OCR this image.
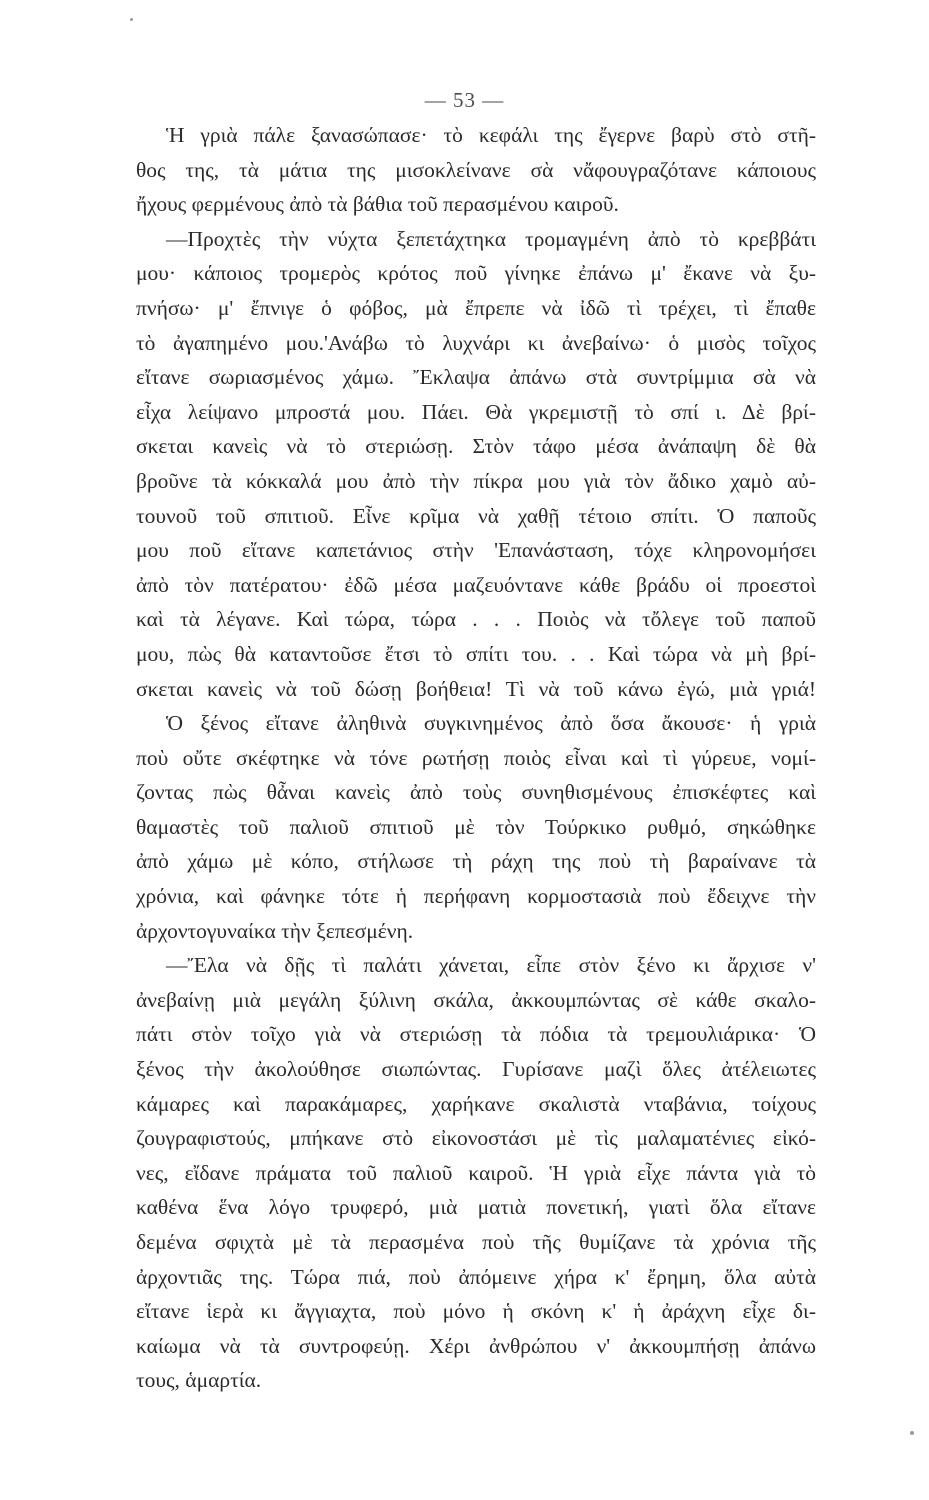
— 53 —
Ἡ γριὰ πάλε ξανασώπασε· τὸ κεφάλι της ἔγερνε βαρὺ στὸ στῆ-
θος της, τὰ μάτια της μισοκλείνανε σὰ νἄφουγραζότανε κάποιους
ἤχους φερμένους ἀπὸ τὰ βάθια τοῦ περασμένου καιροῦ.
—Προχτὲς τὴν νύχτα ξεπετάχτηκα τρομαγμένη ἀπὸ τὸ κρεββάτι
μου· κάποιος τρομερὸς κρότος ποῦ γίνηκε ἐπάνω μ' ἔκανε νὰ ξυ-
πνήσω· μ' ἔπνιγε ὁ φόβος, μὰ ἔπρεπε νὰ ἰδῶ τὶ τρέχει, τὶ ἔπαθε
τὸ ἀγαπημένο μου.'Ανάβω τὸ λυχνάρι κι ἀνεβαίνω· ὁ μισὸς τοῖχος
εἴτανε σωριασμένος χάμω. Ἔκλαψα ἀπάνω στὰ συντρίμμια σὰ νὰ
εἶχα λείψανο μπροστά μου. Πάει. Θὰ γκρεμιστῇ τὸ σπί ι. Δὲ βρί-
σκεται κανεὶς νὰ τὸ στεριώσῃ. Στὸν τάφο μέσα ἀνάπαψη δὲ θὰ
βροῦνε τὰ κόκκαλά μου ἀπὸ τὴν πίκρα μου γιὰ τὸν ἄδικο χαμὸ αὐ-
τουνοῦ τοῦ σπιτιοῦ. Εἶνε κρῖμα νὰ χαθῇ τέτοιο σπίτι. Ὁ παποῦς
μου ποῦ εἴτανε καπετάνιος στὴν 'Επανάσταση, τόχε κληρονομήσει
ἀπὸ τὸν πατέρατου· ἐδῶ μέσα μαζευόντανε κάθε βράδυ οἱ προεστοὶ
καὶ τὰ λέγανε. Καὶ τώρα, τώρα . . . Ποιὸς νὰ τὄλεγε τοῦ παποῦ
μου, πὼς θὰ καταντοῦσε ἔτσι τὸ σπίτι του. . . Καὶ τώρα νὰ μὴ βρί-
σκεται κανεὶς νὰ τοῦ δώσῃ βοήθεια! Τὶ νὰ τοῦ κάνω ἐγώ, μιὰ γριά!
Ὁ ξένος εἴτανε ἀληθινὰ συγκινημένος ἀπὸ ὅσα ἄκουσε· ἡ γριὰ
ποὺ οὔτε σκέφτηκε νὰ τόνε ρωτήσῃ ποιὸς εἶναι καὶ τὶ γύρευε, νομί-
ζοντας πὼς θἆναι κανεὶς ἀπὸ τοὺς συνηθισμένους ἐπισκέφτες καὶ
θαμαστὲς τοῦ παλιοῦ σπιτιοῦ μὲ τὸν Τούρκικο ρυθμό, σηκώθηκε
ἀπὸ χάμω μὲ κόπο, στήλωσε τὴ ράχη της ποὺ τὴ βαραίνανε τὰ
χρόνια, καὶ φάνηκε τότε ἡ περήφανη κορμοστασιὰ ποὺ ἔδειχνε τὴν
ἀρχοντογυναίκα τὴν ξεπεσμένη.
—Ἔλα νὰ δῇς τὶ παλάτι χάνεται, εἶπε στὸν ξένο κι ἄρχισε ν'
ἀνεβαίνῃ μιὰ μεγάλη ξύλινη σκάλα, ἀκκουμπώντας σὲ κάθε σκαλο-
πάτι στὸν τοῖχο γιὰ νὰ στεριώσῃ τὰ πόδια τὰ τρεμουλιάρικα· Ὁ
ξένος τὴν ἀκολούθησε σιωπώντας. Γυρίσανε μαζὶ ὅλες ἀτέλειωτες
κάμαρες καὶ παρακάμαρες, χαρήκανε σκαλιστὰ νταβάνια, τοίχους
ζουγραφιστούς, μπήκανε στὸ εἰκονοστάσι μὲ τὶς μαλαματένιες εἰκό-
νες, εἴδανε πράματα τοῦ παλιοῦ καιροῦ. Ἡ γριὰ εἶχε πάντα γιὰ τὸ
καθένα ἕνα λόγο τρυφερό, μιὰ ματιὰ πονετική, γιατὶ ὅλα εἴτανε
δεμένα σφιχτὰ μὲ τὰ περασμένα ποὺ τῆς θυμίζανε τὰ χρόνια τῆς
ἀρχοντιᾶς της. Τώρα πιά, ποὺ ἀπόμεινε χήρα κ' ἔρημη, ὅλα αὐτὰ
εἴτανε ἱερὰ κι ἄγγιαχτα, ποὺ μόνο ἡ σκόνη κ' ἡ ἀράχνη εἶχε δι-
καίωμα νὰ τὰ συντροφεύῃ. Χέρι ἀνθρώπου ν' ἀκκουμπήσῃ ἀπάνω
τους, ἁμαρτία.
